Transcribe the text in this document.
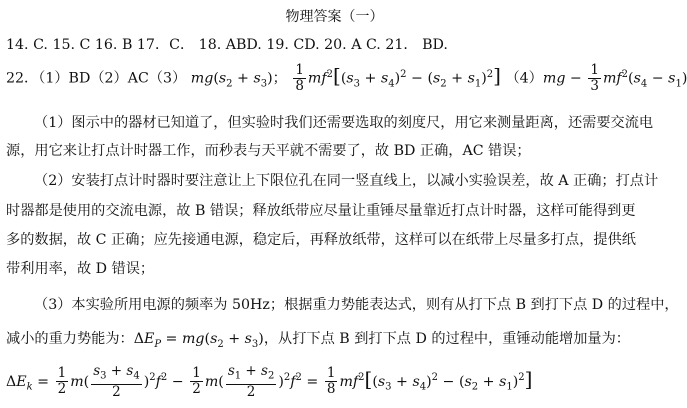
物理答案（一）
14. C. 15. C 16. B 17．C． 18. ABD. 19. CD. 20. A C. 21． BD.
22．（1）BD（2）AC（3） $mg(s_2 + s_3)$； $\frac{1}{8} mf^2[(s_3 + s_4)^2 - (s_2 + s_1)^2] (4)mg - \frac{1}{3} mf^2(s_4 - s_1)$
（1）图示中的器材已知道了，但实验时我们还需要选取的刻度尺，用它来测量距离，还需要交流电
源，用它来让打点计时器工作，而秒表与天平就不需要了，故 BD 正确，AC 错误；
（2）安装打点计时器时要注意让上下限位孔在同一竖直线上，以减小实验误差，故 A 正确；打点计
时器都是使用的交流电源，故 B 错误；释放纸带应尽量让重锤尽量靠近打点计时器，这样可能得到更
多的数据，故 C 正确；应先接通电源，稳定后，再释放纸带，这样可以在纸带上尽量多打点，提供纸
带利用率，故 D 错误；
（3）本实验所用电源的频率为 50Hz；根据重力势能表达式，则有从打下点 B 到打下点 D 的过程中，
减小的重力势能为：$\Delta E_P = mg(s_2 + s_3)$，从打下点 B 到打下点 D 的过程中，重锤动能增加量为：
$\Delta E_k = \frac{1}{2} m( \frac{s_3 + s_4}{2} )^2f^2 - \frac{1}{2} m( \frac{s_1 + s_2}{2} )^2f^2 = \frac{1}{8} mf^2[(s_3 + s_4)^2 - (s_2 + s_1)^2]$
